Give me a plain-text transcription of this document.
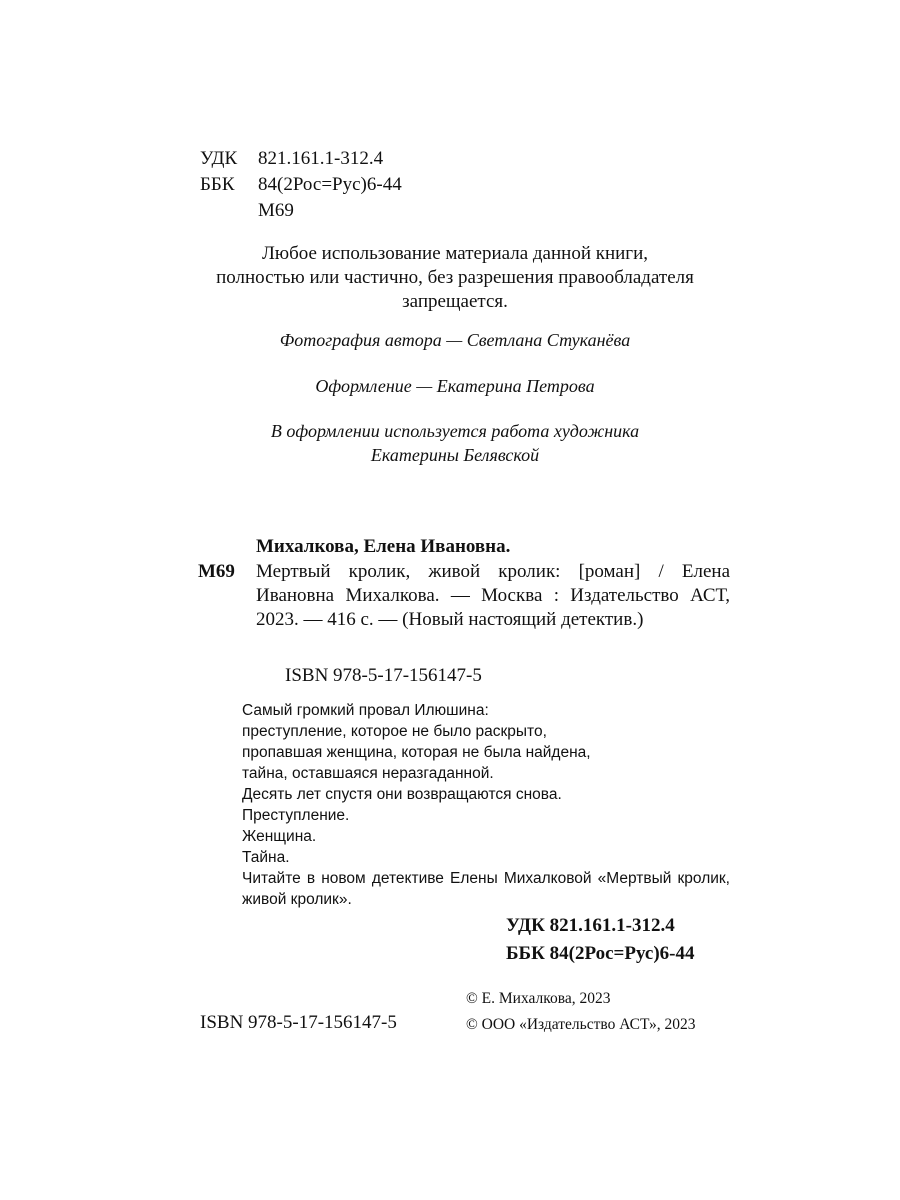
УДК	821.161.1-312.4
ББК	84(2Рос=Рус)6-44
М69
Любое использование материала данной книги,
полностью или частично, без разрешения правообладателя
запрещается.
Фотография автора — Светлана Стуканёва
Оформление — Екатерина Петрова
В оформлении используется работа художника
Екатерины Белявской
Михалкова, Елена Ивановна.
М69	Мертвый кролик, живой кролик: [роман] / Елена Ивановна Михалкова. — Москва : Издательство АСТ, 2023. — 416 с. — (Новый настоящий детектив.)
ISBN 978-5-17-156147-5
Самый громкий провал Илюшина:
преступление, которое не было раскрыто,
пропавшая женщина, которая не была найдена,
тайна, оставшаяся неразгаданной.
Десять лет спустя они возвращаются снова.
Преступление.
Женщина.
Тайна.
Читайте в новом детективе Елены Михалковой «Мертвый кролик, живой кролик».
УДК 821.161.1-312.4
ББК 84(2Рос=Рус)6-44
ISBN 978-5-17-156147-5
© Е. Михалкова, 2023
© ООО «Издательство АСТ», 2023
